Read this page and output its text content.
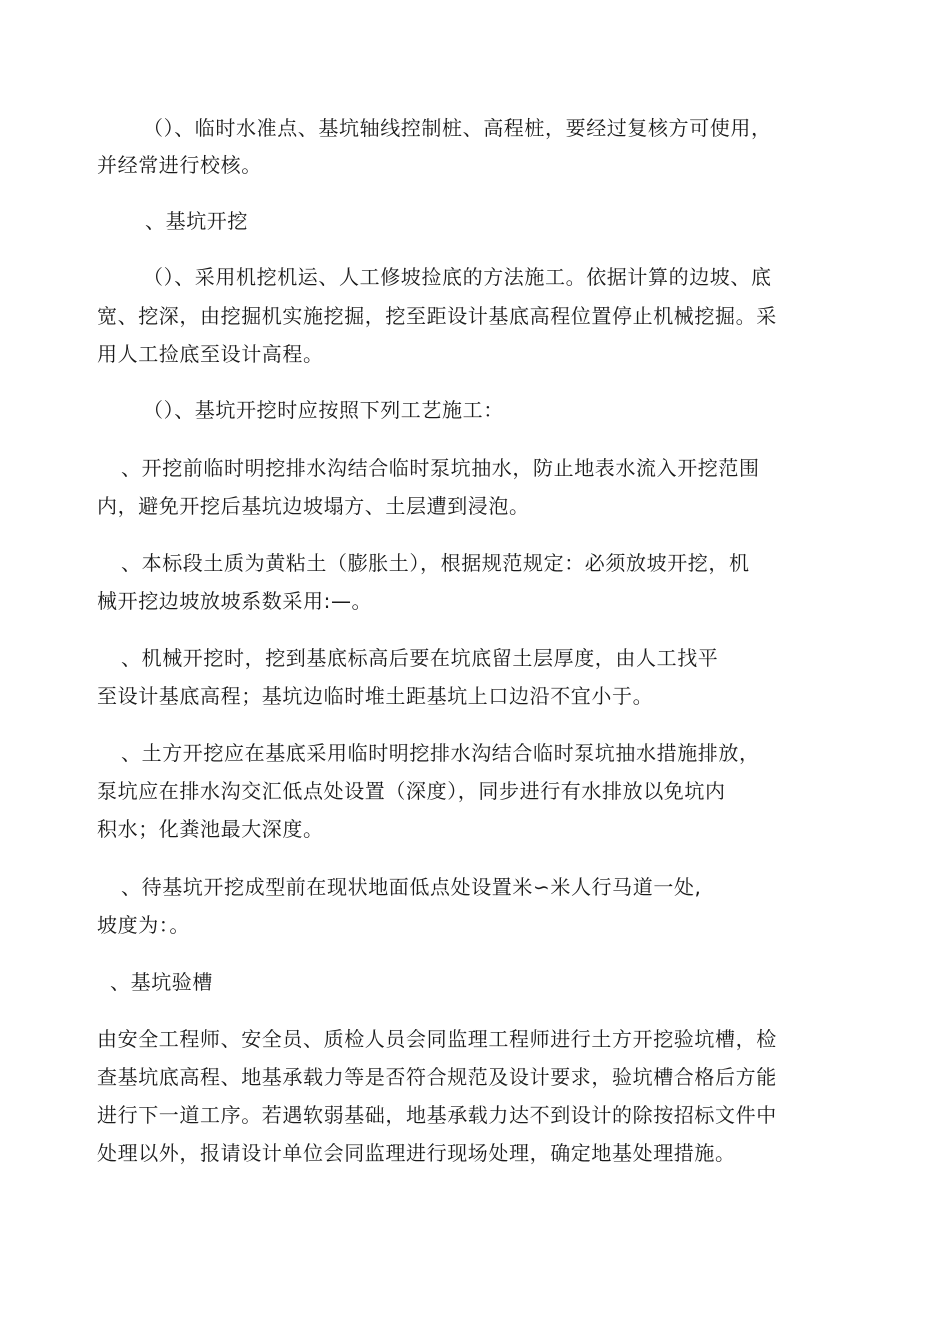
（）、临时水准点、基坑轴线控制桩、高程桩，要经过复核方可使用，
并经常进行校核。
、基坑开挖
（）、采用机挖机运、人工修坡捡底的方法施工。依据计算的边坡、底
宽、挖深，由挖掘机实施挖掘，挖至距设计基底高程位置停止机械挖掘。采
用人工捡底至设计高程。
（）、基坑开挖时应按照下列工艺施工：
、开挖前临时明挖排水沟结合临时泵坑抽水，防止地表水流入开挖范围
内，避免开挖后基坑边坡塌方、土层遭到浸泡。
、本标段土质为黄粘土（膨胀土），根据规范规定：必须放坡开挖，机
械开挖边坡放坡系数采用:—。
、机械开挖时，挖到基底标高后要在坑底留土层厚度，由人工找平
至设计基底高程；基坑边临时堆土距基坑上口边沿不宜小于。
、土方开挖应在基底采用临时明挖排水沟结合临时泵坑抽水措施排放，
泵坑应在排水沟交汇低点处设置（深度），同步进行有水排放以免坑内
积水；化粪池最大深度。
、待基坑开挖成型前在现状地面低点处设置米∽米人行马道一处,
坡度为：。
、基坑验槽
由安全工程师、安全员、质检人员会同监理工程师进行土方开挖验坑槽，检
查基坑底高程、地基承载力等是否符合规范及设计要求，验坑槽合格后方能
进行下一道工序。若遇软弱基础，地基承载力达不到设计的除按招标文件中
处理以外，报请设计单位会同监理进行现场处理，确定地基处理措施。
